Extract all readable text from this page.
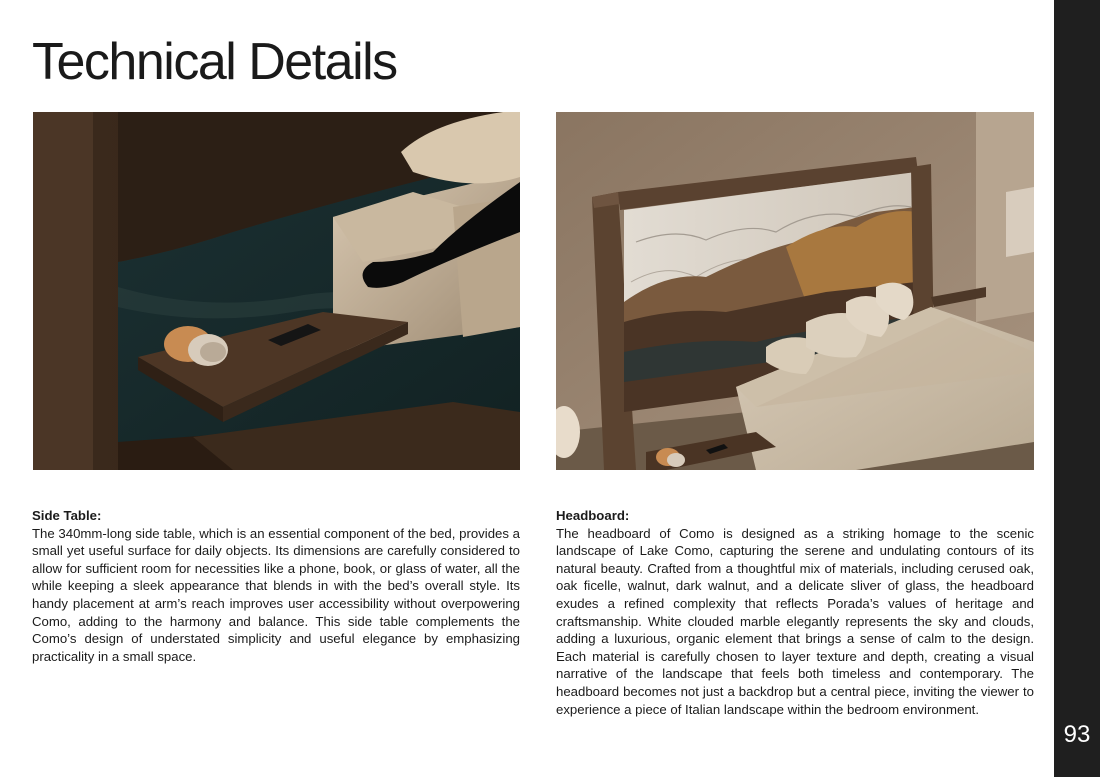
Technical Details
Side Table:

The 340mm-long side table, which is an essential component of the bed, provides a small yet useful surface for daily objects. Its dimensions are carefully considered to allow for sufficient room for necessities like a phone, book, or glass of water, all the while keeping a sleek appearance that blends in with the bed’s overall style. Its handy placement at arm’s reach improves user accessibility without overpowering Como, adding to the harmony and balance. This side table complements the Como’s design of understated simplicity and useful elegance by emphasizing practicality in a small space.

Headboard:

The headboard of Como is designed as a striking homage to the scenic landscape of Lake Como, capturing the serene and undulating contours of its natural beauty. Crafted from a thoughtful mix of materials, including cerused oak, oak ficelle, walnut, dark walnut, and a delicate sliver of glass, the headboard exudes a refined complexity that reflects Porada’s values of heritage and craftsmanship. White clouded marble elegantly represents the sky and clouds, adding a luxurious, organic element that brings a sense of calm to the design. Each material is carefully chosen to layer texture and depth, creating a visual narrative of the landscape that feels both timeless and contemporary. The headboard becomes not just a backdrop but a central piece, inviting the viewer to experience a piece of Italian landscape within the bedroom environment.

93
